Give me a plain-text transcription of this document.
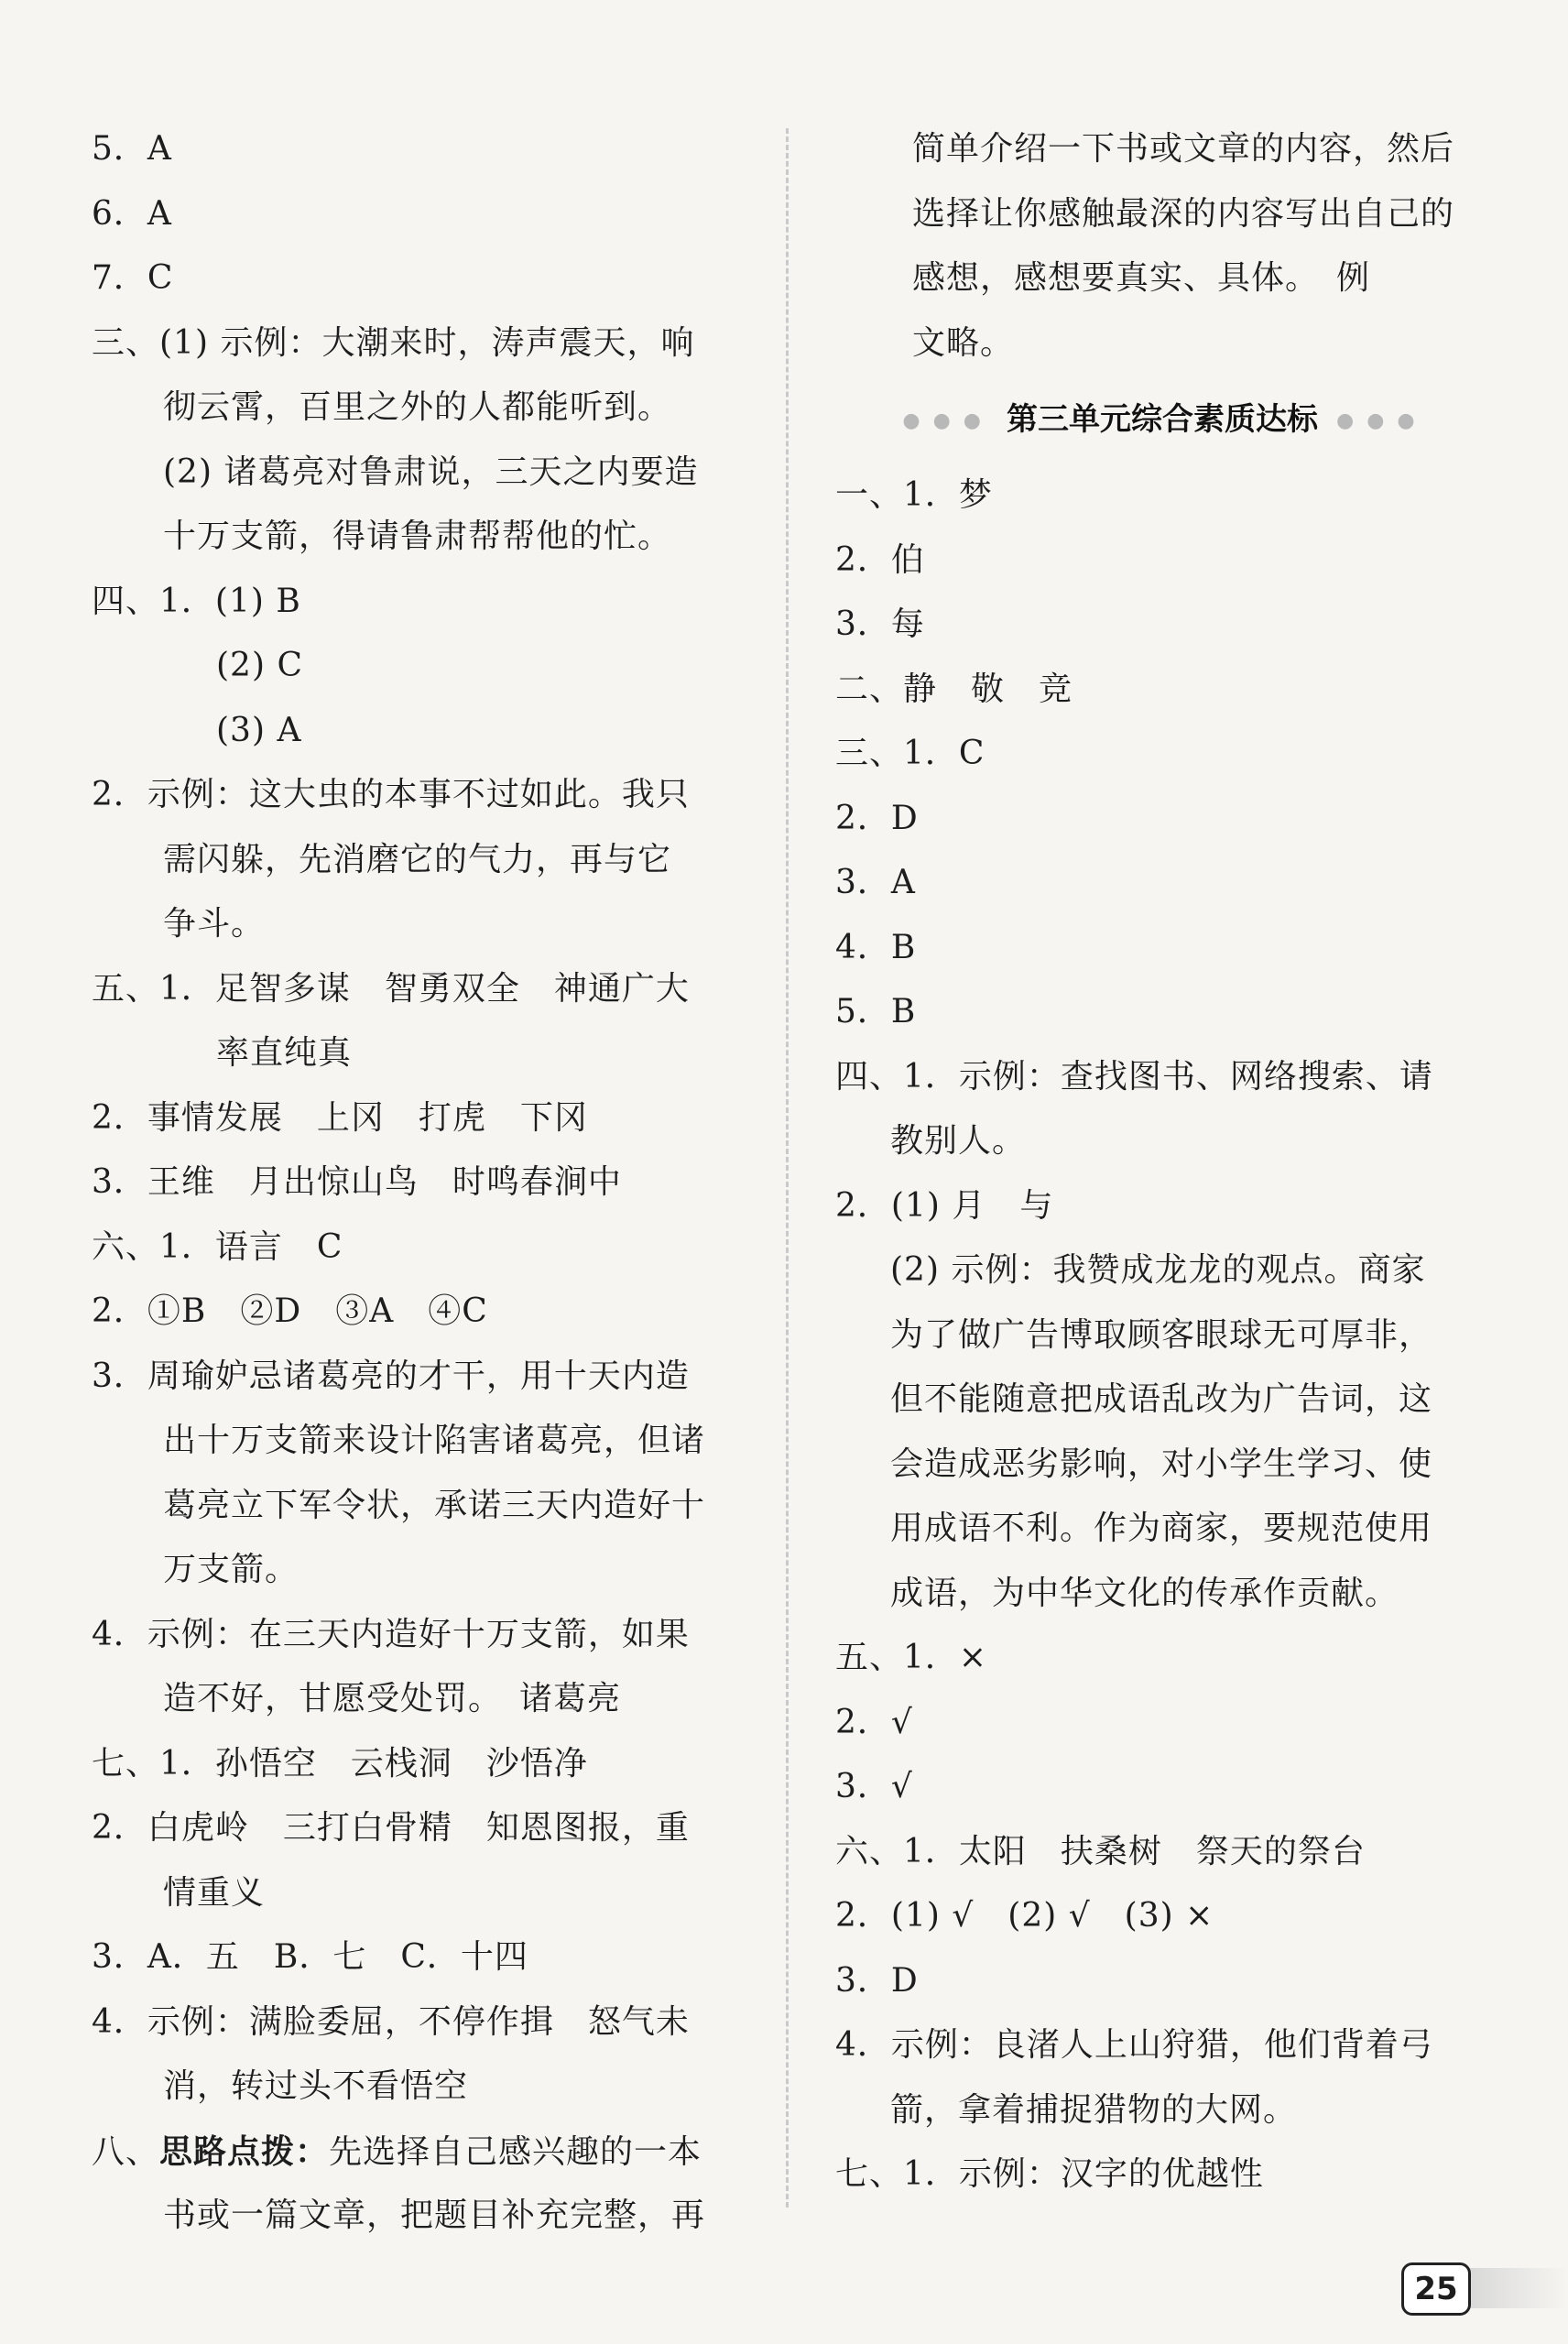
5．A
6．A
7．C
三、(1) 示例：大潮来时，涛声震天，响
彻云霄，百里之外的人都能听到。
(2) 诸葛亮对鲁肃说，三天之内要造
十万支箭，得请鲁肃帮帮他的忙。
四、1．(1) B
(2) C
(3) A
2．示例：这大虫的本事不过如此。我只
需闪躲，先消磨它的气力，再与它
争斗。
五、1．足智多谋　智勇双全　神通广大
率直纯真
2．事情发展　上冈　打虎　下冈
3．王维　月出惊山鸟　时鸣春涧中
六、1．语言　C
2．①B　②D　③A　④C
3．周瑜妒忌诸葛亮的才干，用十天内造
出十万支箭来设计陷害诸葛亮，但诸
葛亮立下军令状，承诺三天内造好十
万支箭。
4．示例：在三天内造好十万支箭，如果
造不好，甘愿受处罚。　诸葛亮
七、1．孙悟空　云栈洞　沙悟净
2．白虎岭　三打白骨精　知恩图报，重
情重义
3．A．五　B．七　C．十四
4．示例：满脸委屈，不停作揖　怒气未
消，转过头不看悟空
八、思路点拨：先选择自己感兴趣的一本
书或一篇文章，把题目补充完整，再
简单介绍一下书或文章的内容，然后
选择让你感触最深的内容写出自己的
感想，感想要真实、具体。　例
文略。
●●● 第三单元综合素质达标 ●●●
一、1．梦
2．伯
3．每
二、静　敬　竞
三、1．C
2．D
3．A
4．B
5．B
四、1．示例：查找图书、网络搜索、请
教别人。
2．(1) 月　与
(2) 示例：我赞成龙龙的观点。商家
为了做广告博取顾客眼球无可厚非，
但不能随意把成语乱改为广告词，这
会造成恶劣影响，对小学生学习、使
用成语不利。作为商家，要规范使用
成语，为中华文化的传承作贡献。
五、1．×
2．√
3．√
六、1．太阳　扶桑树　祭天的祭台
2．(1) √　(2) √　(3) ×
3．D
4．示例：良渚人上山狩猎，他们背着弓
箭，拿着捕捉猎物的大网。
七、1．示例：汉字的优越性
25
